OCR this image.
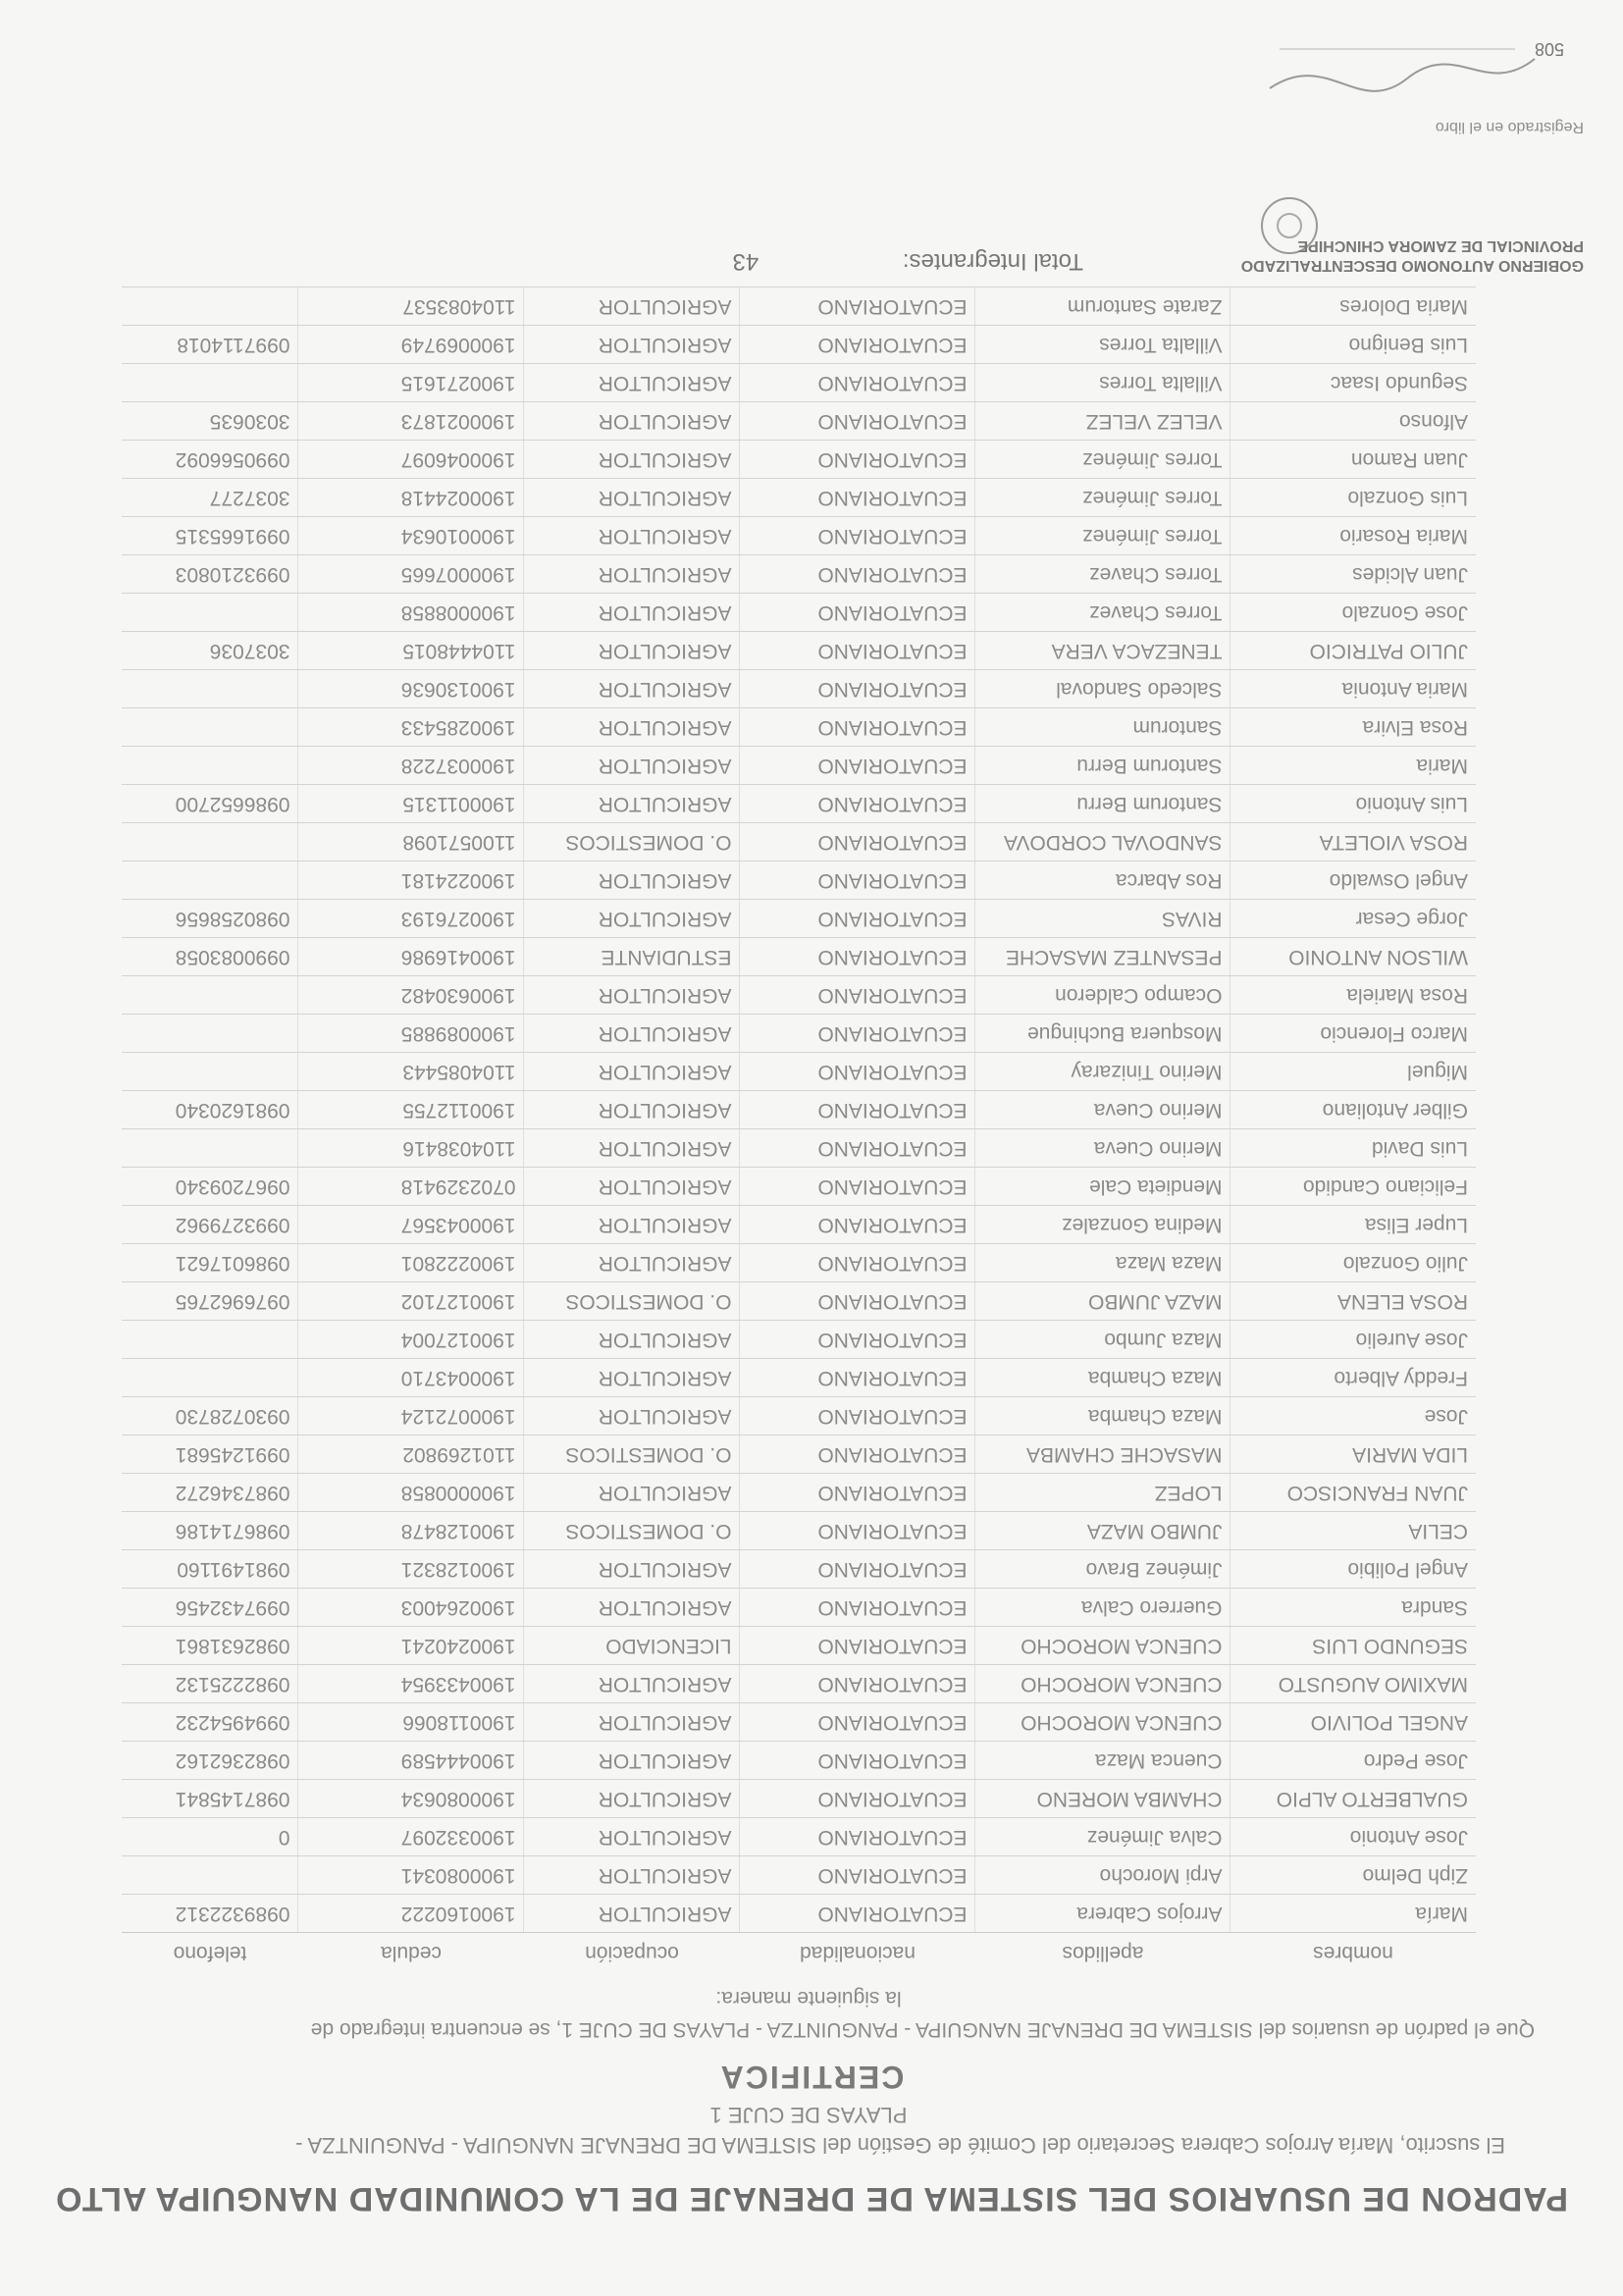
PADRON DE USUARIOS DEL SISTEMA DE DRENAJE DE LA COMUNIDAD NANGUIPA ALTO
El suscrito, María Arrojos Cabrera Secretario del Comité de Gestión del SISTEMA DE DRENAJE NANGUIPA - PANGUINTZA -
PLAYAS DE CUJE 1
CERTIFICA
Que el padrón de usuarios del SISTEMA DE DRENAJE NANGUIPA - PANGUINTZA - PLAYAS DE CUJE 1, se encuentra integrado de
la siguiente manera:
nombres	apellidos	nacionalidad	ocupación	cedula	telefono
María	Arrojos Cabrera	ECUATORIANO	AGRICULTOR	1900160222	0989322312
Ziph Delmo	Arpi Morocho	ECUATORIANO	AGRICULTOR	1900080341	
Jose Antonio	Calva Jiménez	ECUATORIANO	AGRICULTOR	1900332097	0
GUALBERTO ALPIO	CHAMBA MORENO	ECUATORIANO	AGRICULTOR	1900080634	0987145841
Jose Pedro	Cuenca Maza	ECUATORIANO	AGRICULTOR	1900444589	0982362162
ANGEL POLIVIO	CUENCA MOROCHO	ECUATORIANO	AGRICULTOR	1900118066	0994954232
MAXIMO AUGUSTO	CUENCA MOROCHO	ECUATORIANO	AGRICULTOR	1900433954	0982225132
SEGUNDO LUIS	CUENCA MOROCHO	ECUATORIANO	LICENCIADO	1900240241	0982631861
Sandra	Guerrero Calva	ECUATORIANO	AGRICULTOR	1900264003	0997432456
Angel Polibio	Jiménez Bravo	ECUATORIANO	AGRICULTOR	1900128321	0981491160
CELIA	JUMBO MAZA	ECUATORIANO	O. DOMESTICOS	1900128478	0986714186
JUAN FRANCISCO	LOPEZ	ECUATORIANO	AGRICULTOR	1900000858	0987346272
LIDA MARIA	MASACHE CHAMBA	ECUATORIANO	O. DOMESTICOS	1101269802	0991245681
Jose	Maza Chamba	ECUATORIANO	AGRICULTOR	1900072124	0930728730
Freddy Alberto	Maza Chamba	ECUATORIANO	AGRICULTOR	1900043710	
Jose Aurelio	Maza Jumbo	ECUATORIANO	AGRICULTOR	1900127004	
ROSA ELENA	MAZA JUMBO	ECUATORIANO	O. DOMESTICOS	1900127102	0976962765
Julio Gonzalo	Maza Maza	ECUATORIANO	AGRICULTOR	1900222801	0986017621
Luper Elisa	Medina Gonzalez	ECUATORIANO	AGRICULTOR	1900043567	0993279962
Feliciano Candido	Mendieta Cale	ECUATORIANO	AGRICULTOR	0702329418	0967209340
Luis David	Merino Cueva	ECUATORIANO	AGRICULTOR	1104038416	
Gilber Antoliano	Merino Cueva	ECUATORIANO	AGRICULTOR	1900112755	0981620340
Miguel	Merino Tinizaray	ECUATORIANO	AGRICULTOR	1104085443	
Marco Florencio	Mosquera Buchingue	ECUATORIANO	AGRICULTOR	1900089885	
Rosa Mariela	Ocampo Calderon	ECUATORIANO	AGRICULTOR	1900630482	
WILSON ANTONIO	PESANTEZ MASACHE	ECUATORIANO	ESTUDIANTE	1900416986	0990083058
Jorge Cesar	RIVAS	ECUATORIANO	AGRICULTOR	1900276193	0980258656
Angel Oswaldo	Ros Abarca	ECUATORIANO	AGRICULTOR	1900224181	
ROSA VIOLETA	SANDOVAL CORDOVA	ECUATORIANO	O. DOMESTICOS	1100571098	
Luis Antonio	Santorum Berru	ECUATORIANO	AGRICULTOR	1900011315	0986652700
Maria	Santorum Berru	ECUATORIANO	AGRICULTOR	1900037228	
Rosa Elvira	Santorum	ECUATORIANO	AGRICULTOR	1900285433	
Maria Antonia	Salcedo Sandoval	ECUATORIANO	AGRICULTOR	1900130636	
JULIO PATRICIO	TENEZACA VERA	ECUATORIANO	AGRICULTOR	1104448015	3037036
Jose Gonzalo	Torres Chavez	ECUATORIANO	AGRICULTOR	1900008858	
Juan Alcides	Torres Chavez	ECUATORIANO	AGRICULTOR	1900007665	0993210803
Maria Rosario	Torres Jiménez	ECUATORIANO	AGRICULTOR	1900010634	0991665315
Luis Gonzalo	Torres Jiménez	ECUATORIANO	AGRICULTOR	1900024418	3037277
Juan Ramon	Torres Jiménez	ECUATORIANO	AGRICULTOR	1900046097	0990566092
Alfonso	VELEZ VELEZ	ECUATORIANO	AGRICULTOR	1900021873	3030635
Segundo Isaac	Villalta Torres	ECUATORIANO	AGRICULTOR	1900271615	
Luis Benigno	Villalta Torres	ECUATORIANO	AGRICULTOR	1900069749	0997114018
Maria Dolores	Zarate Santorum	ECUATORIANO	AGRICULTOR	1104083537	
Total Integrantes: 43	GOBIERNO AUTONOMO DESCENTRALIZADO PROVINCIAL DE ZAMORA CHINCHIPE
Registrado en el libro
508
